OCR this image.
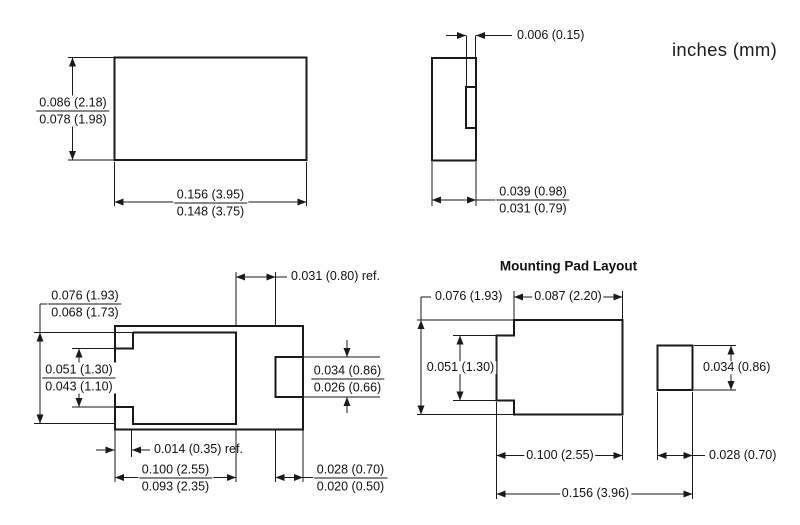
inches (mm)
$\frac{0.086 (2.18)}{0.078 (1.98)}$
$\frac{0.156 (3.95)}{0.148 (3.75)}$
0.006 (0.15)
$\frac{0.039 (0.98)}{0.031 (0.79)}$
0.031 (0.80) ref.
$\frac{0.076 (1.93)}{0.068 (1.73)}$
$\frac{0.051 (1.30)}{0.043 (1.10)}$	$\frac{0.034 (0.86)}{0.026 (0.66)}$
0.014 (0.35) ref.
$\frac{0.100 (2.55)}{0.093 (2.35)}$	$\frac{0.028 (0.70)}{0.020 (0.50)}$
Mounting Pad Layout
0.076 (1.93)	0.087 (2.20)
0.051 (1.30)	0.034 (0.86)
0.100 (2.55)	0.028 (0.70)
0.156 (3.96)
